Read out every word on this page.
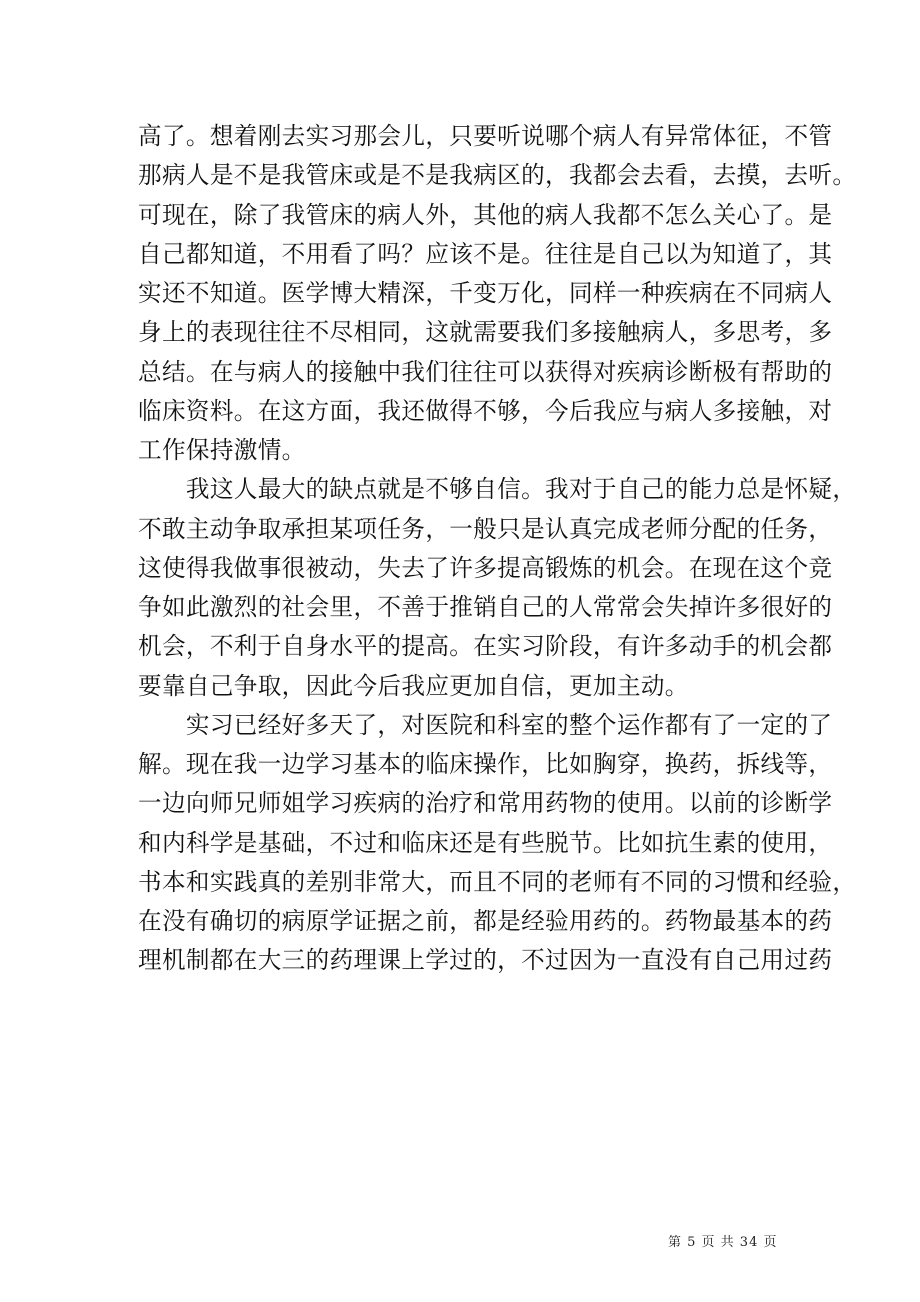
高了。想着刚去实习那会儿，只要听说哪个病人有异常体征，不管
那病人是不是我管床或是不是我病区的，我都会去看，去摸，去听。
可现在，除了我管床的病人外，其他的病人我都不怎么关心了。是
自己都知道，不用看了吗？应该不是。往往是自己以为知道了，其
实还不知道。医学博大精深，千变万化，同样一种疾病在不同病人
身上的表现往往不尽相同，这就需要我们多接触病人，多思考，多
总结。在与病人的接触中我们往往可以获得对疾病诊断极有帮助的
临床资料。在这方面，我还做得不够，今后我应与病人多接触，对
工作保持激情。
　　我这人最大的缺点就是不够自信。我对于自己的能力总是怀疑，
不敢主动争取承担某项任务，一般只是认真完成老师分配的任务，
这使得我做事很被动，失去了许多提高锻炼的机会。在现在这个竞
争如此激烈的社会里，不善于推销自己的人常常会失掉许多很好的
机会，不利于自身水平的提高。在实习阶段，有许多动手的机会都
要靠自己争取，因此今后我应更加自信，更加主动。
　　实习已经好多天了，对医院和科室的整个运作都有了一定的了
解。现在我一边学习基本的临床操作，比如胸穿，换药，拆线等，
一边向师兄师姐学习疾病的治疗和常用药物的使用。以前的诊断学
和内科学是基础，不过和临床还是有些脱节。比如抗生素的使用，
书本和实践真的差别非常大，而且不同的老师有不同的习惯和经验，
在没有确切的病原学证据之前，都是经验用药的。药物最基本的药
理机制都在大三的药理课上学过的，不过因为一直没有自己用过药
第 5 页 共 34 页
